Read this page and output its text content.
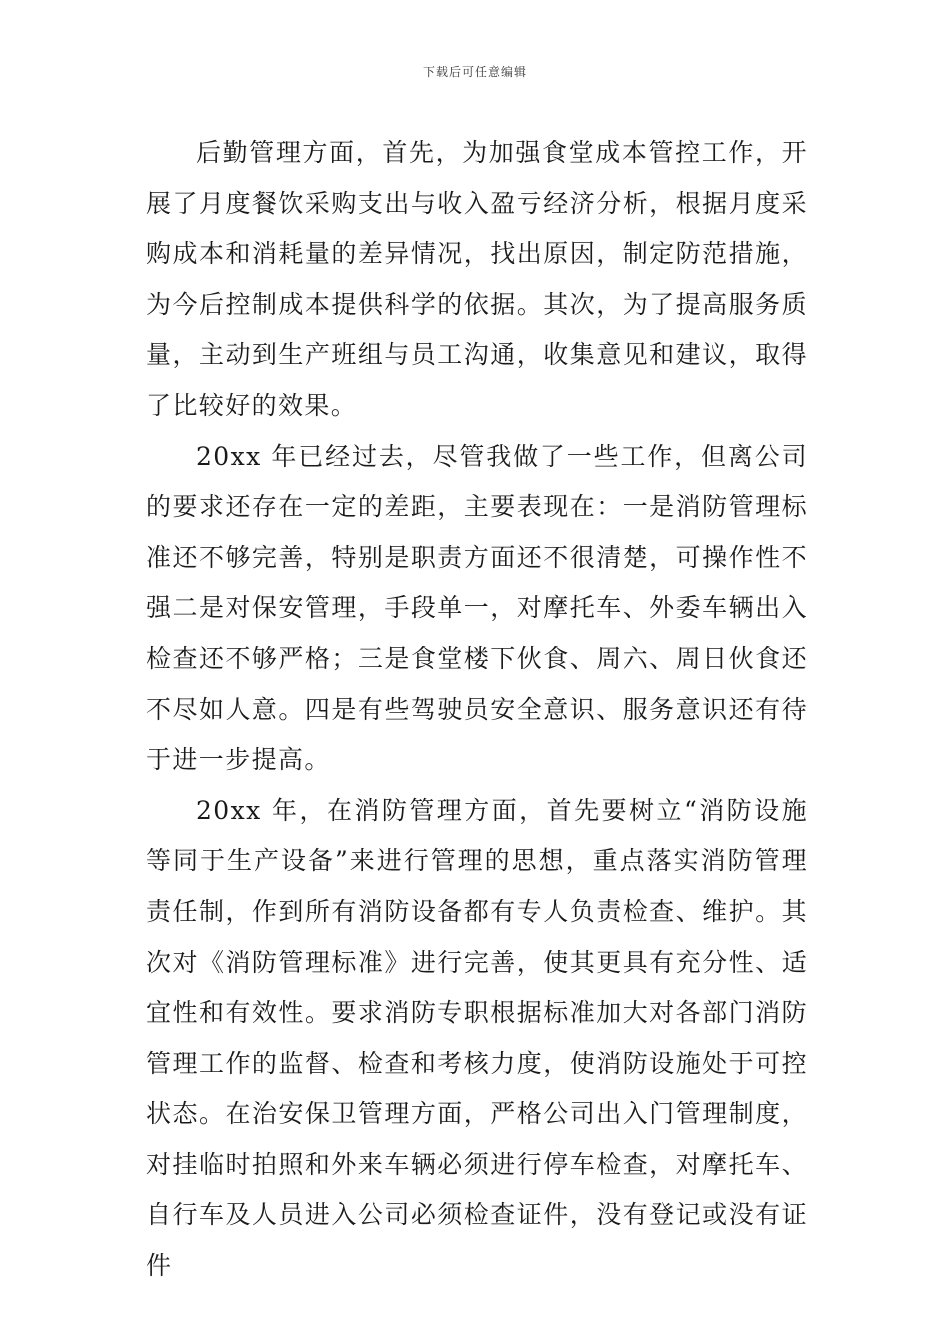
下载后可任意编辑

后勤管理方面，首先，为加强食堂成本管控工作，开展了月度餐饮采购支出与收入盈亏经济分析，根据月度采购成本和消耗量的差异情况，找出原因，制定防范措施，为今后控制成本提供科学的依据。其次，为了提高服务质量，主动到生产班组与员工沟通，收集意见和建议，取得了比较好的效果。

20xx 年已经过去，尽管我做了一些工作，但离公司的要求还存在一定的差距，主要表现在：一是消防管理标准还不够完善，特别是职责方面还不很清楚，可操作性不强二是对保安管理，手段单一，对摩托车、外委车辆出入检查还不够严格；三是食堂楼下伙食、周六、周日伙食还不尽如人意。四是有些驾驶员安全意识、服务意识还有待于进一步提高。

20xx 年，在消防管理方面，首先要树立“消防设施等同于生产设备”来进行管理的思想，重点落实消防管理责任制，作到所有消防设备都有专人负责检查、维护。其次对《消防管理标准》进行完善，使其更具有充分性、适宜性和有效性。要求消防专职根据标准加大对各部门消防管理工作的监督、检查和考核力度，使消防设施处于可控状态。在治安保卫管理方面，严格公司出入门管理制度，对挂临时拍照和外来车辆必须进行停车检查，对摩托车、自行车及人员进入公司必须检查证件，没有登记或没有证件
